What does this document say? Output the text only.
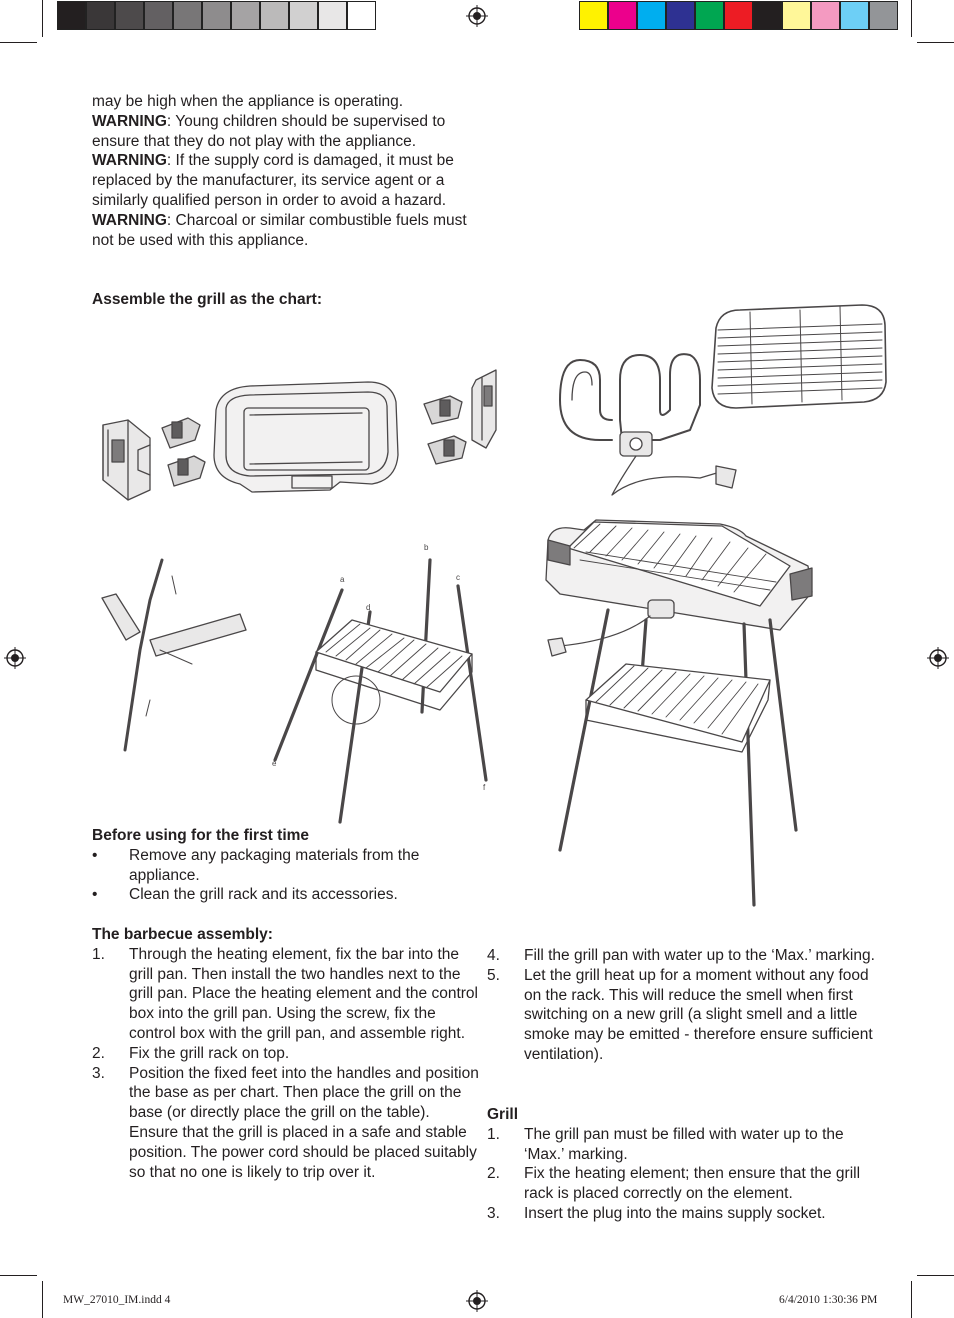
may be high when the appliance is operating.
WARNING: Young children should be supervised to ensure that they do not play with the appliance.
WARNING: If the supply cord is damaged, it must be replaced by the manufacturer, its service agent or a similarly qualified person in order to avoid a hazard.
WARNING: Charcoal or similar combustible fuels must not be used with this appliance.
Assemble the grill as the chart:
a
b
c
d
e
f
Before using for the first time
• Remove any packaging materials from the appliance.
• Clean the grill rack and its accessories.
The barbecue assembly:
1. Through the heating element, fix the bar into the grill pan. Then install the two handles next to the grill pan. Place the heating element and the control box into the grill pan. Using the screw, fix the control box with the grill pan, and assemble right.
2. Fix the grill rack on top.
3. Position the fixed feet into the handles and position the base as per chart. Then place the grill on the base (or directly place the grill on the table). Ensure that the grill is placed in a safe and stable position. The power cord should be placed suitably so that no one is likely to trip over it.
4. Fill the grill pan with water up to the ‘Max.’ marking.
5. Let the grill heat up for a moment without any food on the rack. This will reduce the smell when first switching on a new grill (a slight smell and a little smoke may be emitted - therefore ensure sufficient ventilation).
Grill
1. The grill pan must be filled with water up to the ‘Max.’ marking.
2. Fix the heating element; then ensure that the grill rack is placed correctly on the element.
3. Insert the plug into the mains supply socket.
MW_27010_IM.indd 4	6/4/2010 1:30:36 PM
